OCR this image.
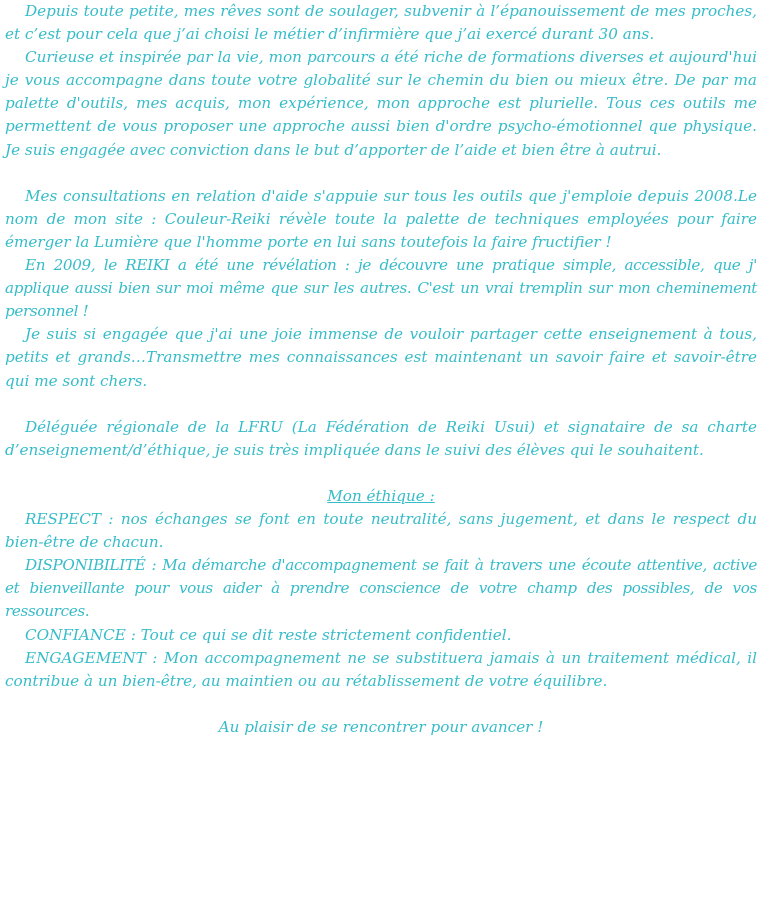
Depuis toute petite, mes rêves sont de soulager, subvenir à l’épanouissement de mes proches, et c’est pour cela que j’ai choisi le métier d’infirmière que j’ai exercé durant 30 ans.

Curieuse et inspirée par la vie, mon parcours a été riche de formations diverses et aujourd'hui je vous accompagne dans toute votre globalité sur le chemin du bien ou mieux être. De par ma palette d'outils, mes acquis, mon expérience, mon approche est plurielle. Tous ces outils me permettent de vous proposer une approche aussi bien d'ordre psycho-émotionnel que physique. Je suis engagée avec conviction dans le but d’apporter de l’aide et bien être à autrui.

Mes consultations en relation d'aide s'appuie sur tous les outils que j'emploie depuis 2008.Le nom de mon site : Couleur-Reiki révèle toute la palette de techniques employées pour faire émerger la Lumière que l'homme porte en lui sans toutefois la faire fructifier !

En 2009, le REIKI a été une révélation : je découvre une pratique simple, accessible, que j' applique aussi bien sur moi même que sur les autres. C'est un vrai tremplin sur mon cheminement personnel !

Je suis si engagée que j'ai une joie immense de vouloir partager cette enseignement à tous, petits et grands…Transmettre mes connaissances est maintenant un savoir faire et savoir-être qui me sont chers.

Déléguée régionale de la LFRU (La Fédération de Reiki Usui) et signataire de sa charte d’enseignement/d’éthique, je suis très impliquée dans le suivi des élèves qui le souhaitent.

Mon éthique :

RESPECT : nos échanges se font en toute neutralité, sans jugement, et dans le respect du bien-être de chacun.

DISPONIBILITÉ : Ma démarche d'accompagnement se fait à travers une écoute attentive, active et bienveillante pour vous aider à prendre conscience de votre champ des possibles, de vos ressources.

CONFIANCE : Tout ce qui se dit reste strictement confidentiel.

ENGAGEMENT : Mon accompagnement ne se substituera jamais à un traitement médical, il contribue à un bien-être, au maintien ou au rétablissement de votre équilibre.

Au plaisir de se rencontrer pour avancer !
